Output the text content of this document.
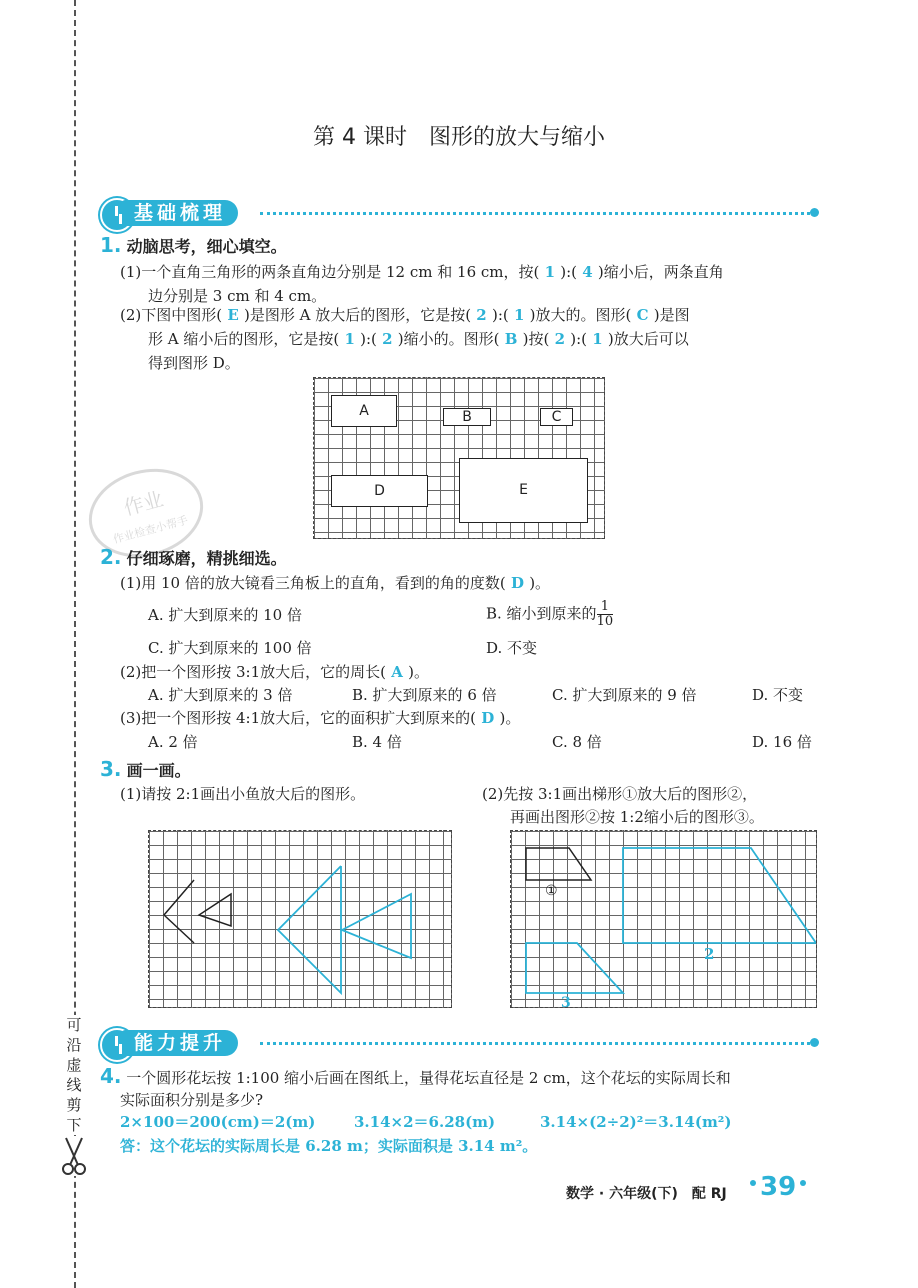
可
沿
虚
线
剪
下
第 4 课时　图形的放大与缩小
基础梳理
1. 动脑思考，细心填空。
(1)一个直角三角形的两条直角边分别是 12 cm 和 16 cm，按( 1 ):( 4 )缩小后，两条直角
边分别是 3 cm 和 4 cm。
(2)下图中图形( E )是图形 A 放大后的图形，它是按( 2 ):( 1 )放大的。图形( C )是图
形 A 缩小后的图形，它是按( 1 ):( 2 )缩小的。图形( B )按( 2 ):( 1 )放大后可以
得到图形 D。
A	B	C
D	E
作业
作业检查小帮手
2. 仔细琢磨，精挑细选。
(1)用 10 倍的放大镜看三角板上的直角，看到的角的度数( D )。
A. 扩大到原来的 10 倍	B. 缩小到原来的 $\frac{1}{10}$
C. 扩大到原来的 100 倍	D. 不变
(2)把一个图形按 3:1放大后，它的周长( A )。
A. 扩大到原来的 3 倍	B. 扩大到原来的 6 倍	C. 扩大到原来的 9 倍	D. 不变
(3)把一个图形按 4:1放大后，它的面积扩大到原来的( D )。
A. 2 倍	B. 4 倍	C. 8 倍	D. 16 倍
3. 画一画。
(1)请按 2:1画出小鱼放大后的图形。	(2)先按 3:1画出梯形①放大后的图形②，
再画出图形②按 1:2缩小后的图形③。
①
2
3
能力提升
4. 一个圆形花坛按 1:100 缩小后画在图纸上，量得花坛直径是 2 cm，这个花坛的实际周长和
实际面积分别是多少?
2×100＝200(cm)＝2(m)	3.14×2＝6.28(m)	3.14×(2÷2)²＝3.14(m²)
答：这个花坛的实际周长是 6.28 m；实际面积是 3.14 m²。
数学 · 六年级(下)　配 RJ 39
